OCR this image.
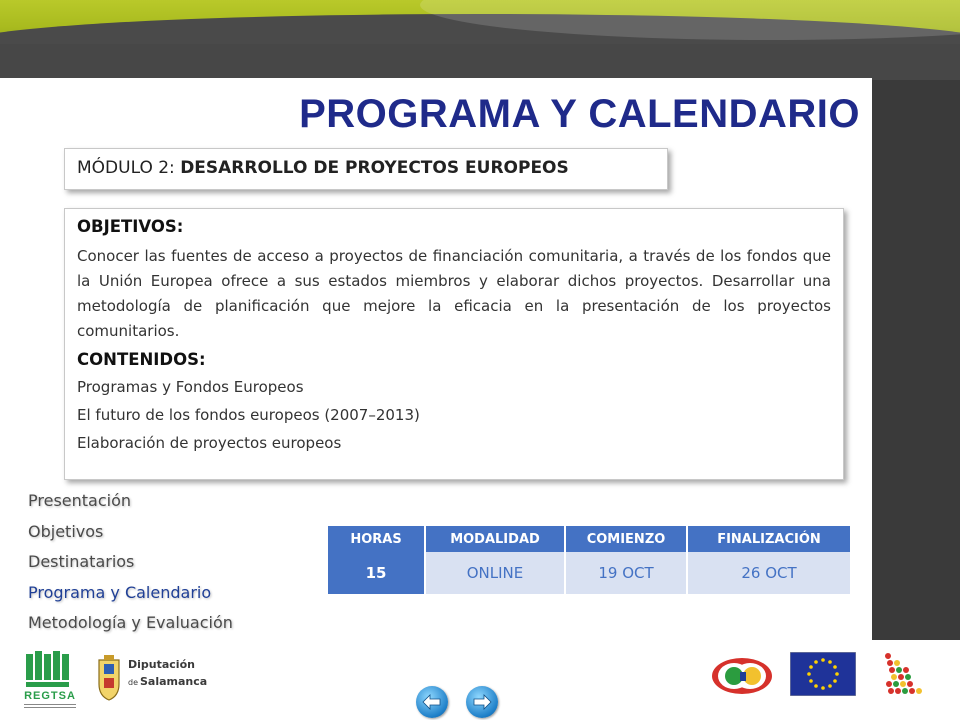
PROGRAMA Y CALENDARIO
MÓDULO 2: DESARROLLO DE PROYECTOS EUROPEOS
OBJETIVOS:
Conocer las fuentes de acceso a proyectos de financiación comunitaria, a través de los fondos que la Unión Europea ofrece a sus estados miembros y elaborar dichos proyectos. Desarrollar una metodología de planificación que mejore la eficacia en la presentación de los proyectos comunitarios.
CONTENIDOS:
Programas y Fondos Europeos
El futuro de los fondos europeos (2007–2013)
Elaboración de proyectos europeos
Presentación
Objetivos
Destinatarios
Programa y Calendario
Metodología y Evaluación
HORAS	MODALIDAD	COMIENZO	FINALIZACIÓN
15	ONLINE	19 OCT	26 OCT
REGTSA
Diputación
de Salamanca
